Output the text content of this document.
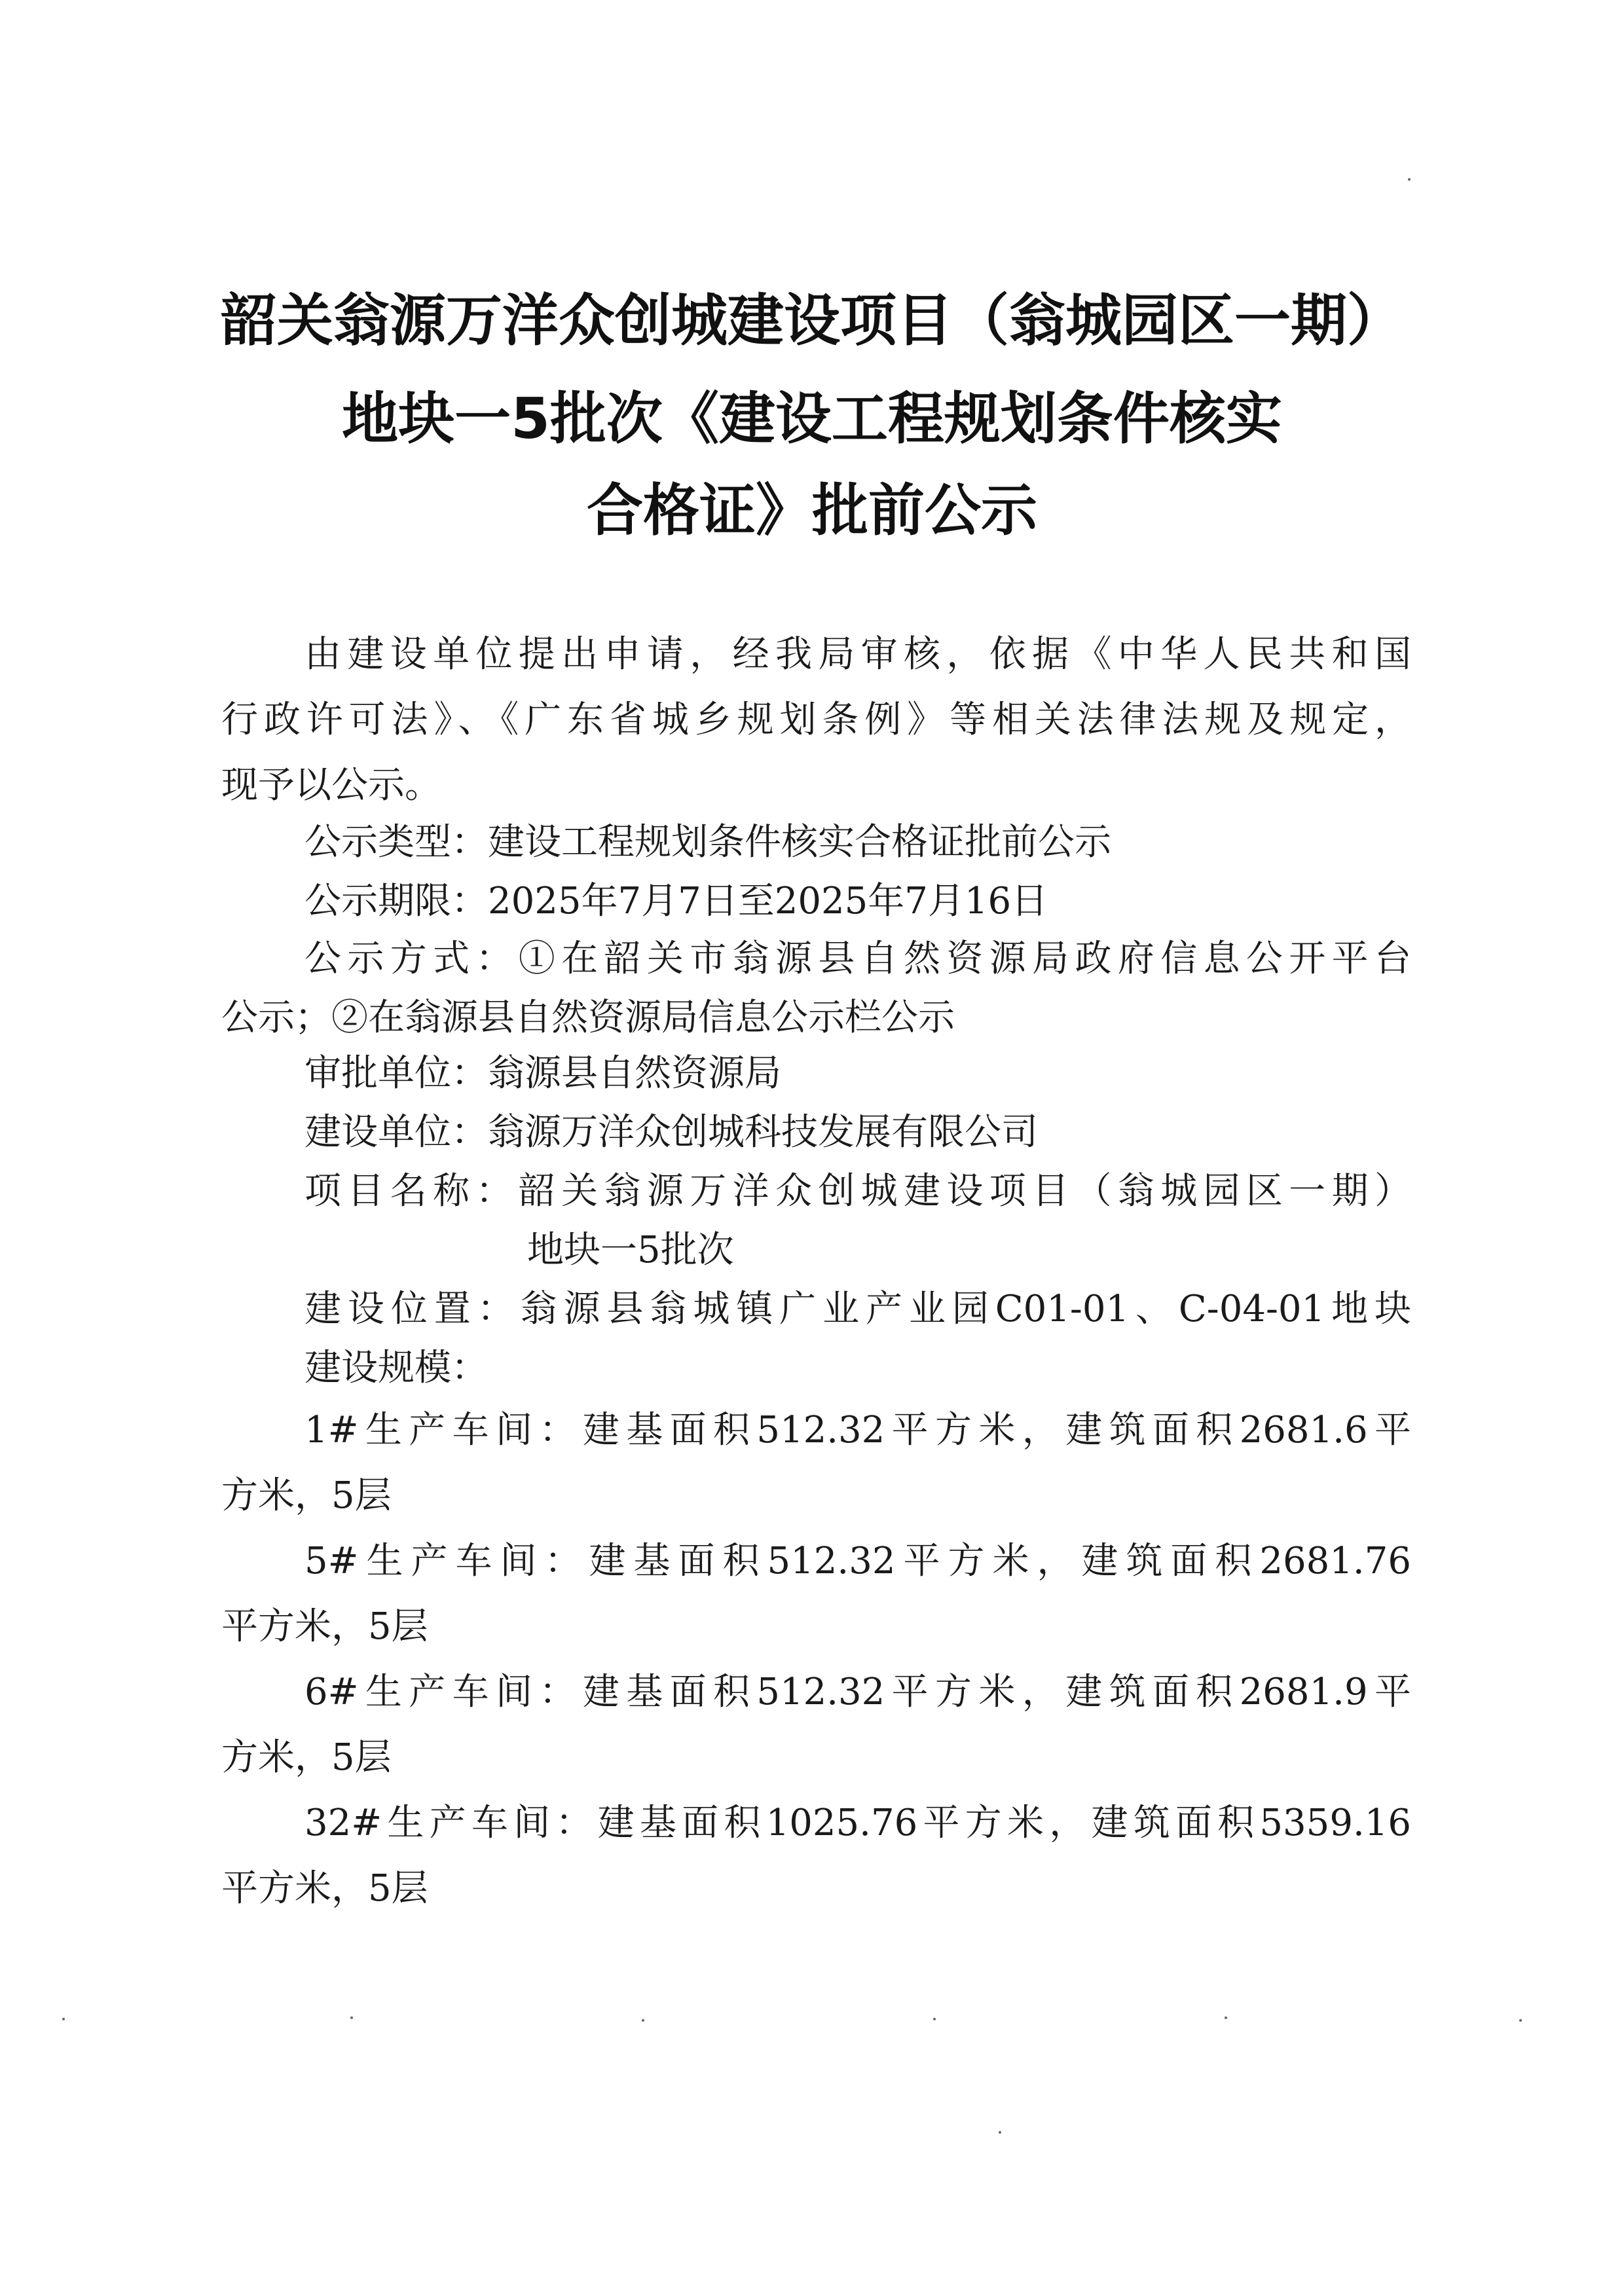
韶关翁源万洋众创城建设项目（翁城园区一期）
地块一5批次《建设工程规划条件核实
合格证》批前公示
由建设单位提出申请，经我局审核，依据《中华人民共和国
行政许可法》、《广东省城乡规划条例》等相关法律法规及规定，
现予以公示。
公示类型：建设工程规划条件核实合格证批前公示
公示期限：2025年7月7日至2025年7月16日
公示方式：①在韶关市翁源县自然资源局政府信息公开平台
公示；②在翁源县自然资源局信息公示栏公示
审批单位：翁源县自然资源局
建设单位：翁源万洋众创城科技发展有限公司
项目名称：韶关翁源万洋众创城建设项目（翁城园区一期）
地块一5批次
建设位置：翁源县翁城镇广业产业园C01-01、C-04-01地块
建设规模：
1#生产车间：建基面积512.32平方米，建筑面积2681.6平
方米，5层
5#生产车间：建基面积512.32平方米，建筑面积2681.76
平方米，5层
6#生产车间：建基面积512.32平方米，建筑面积2681.9平
方米，5层
32#生产车间：建基面积1025.76平方米，建筑面积5359.16
平方米，5层
